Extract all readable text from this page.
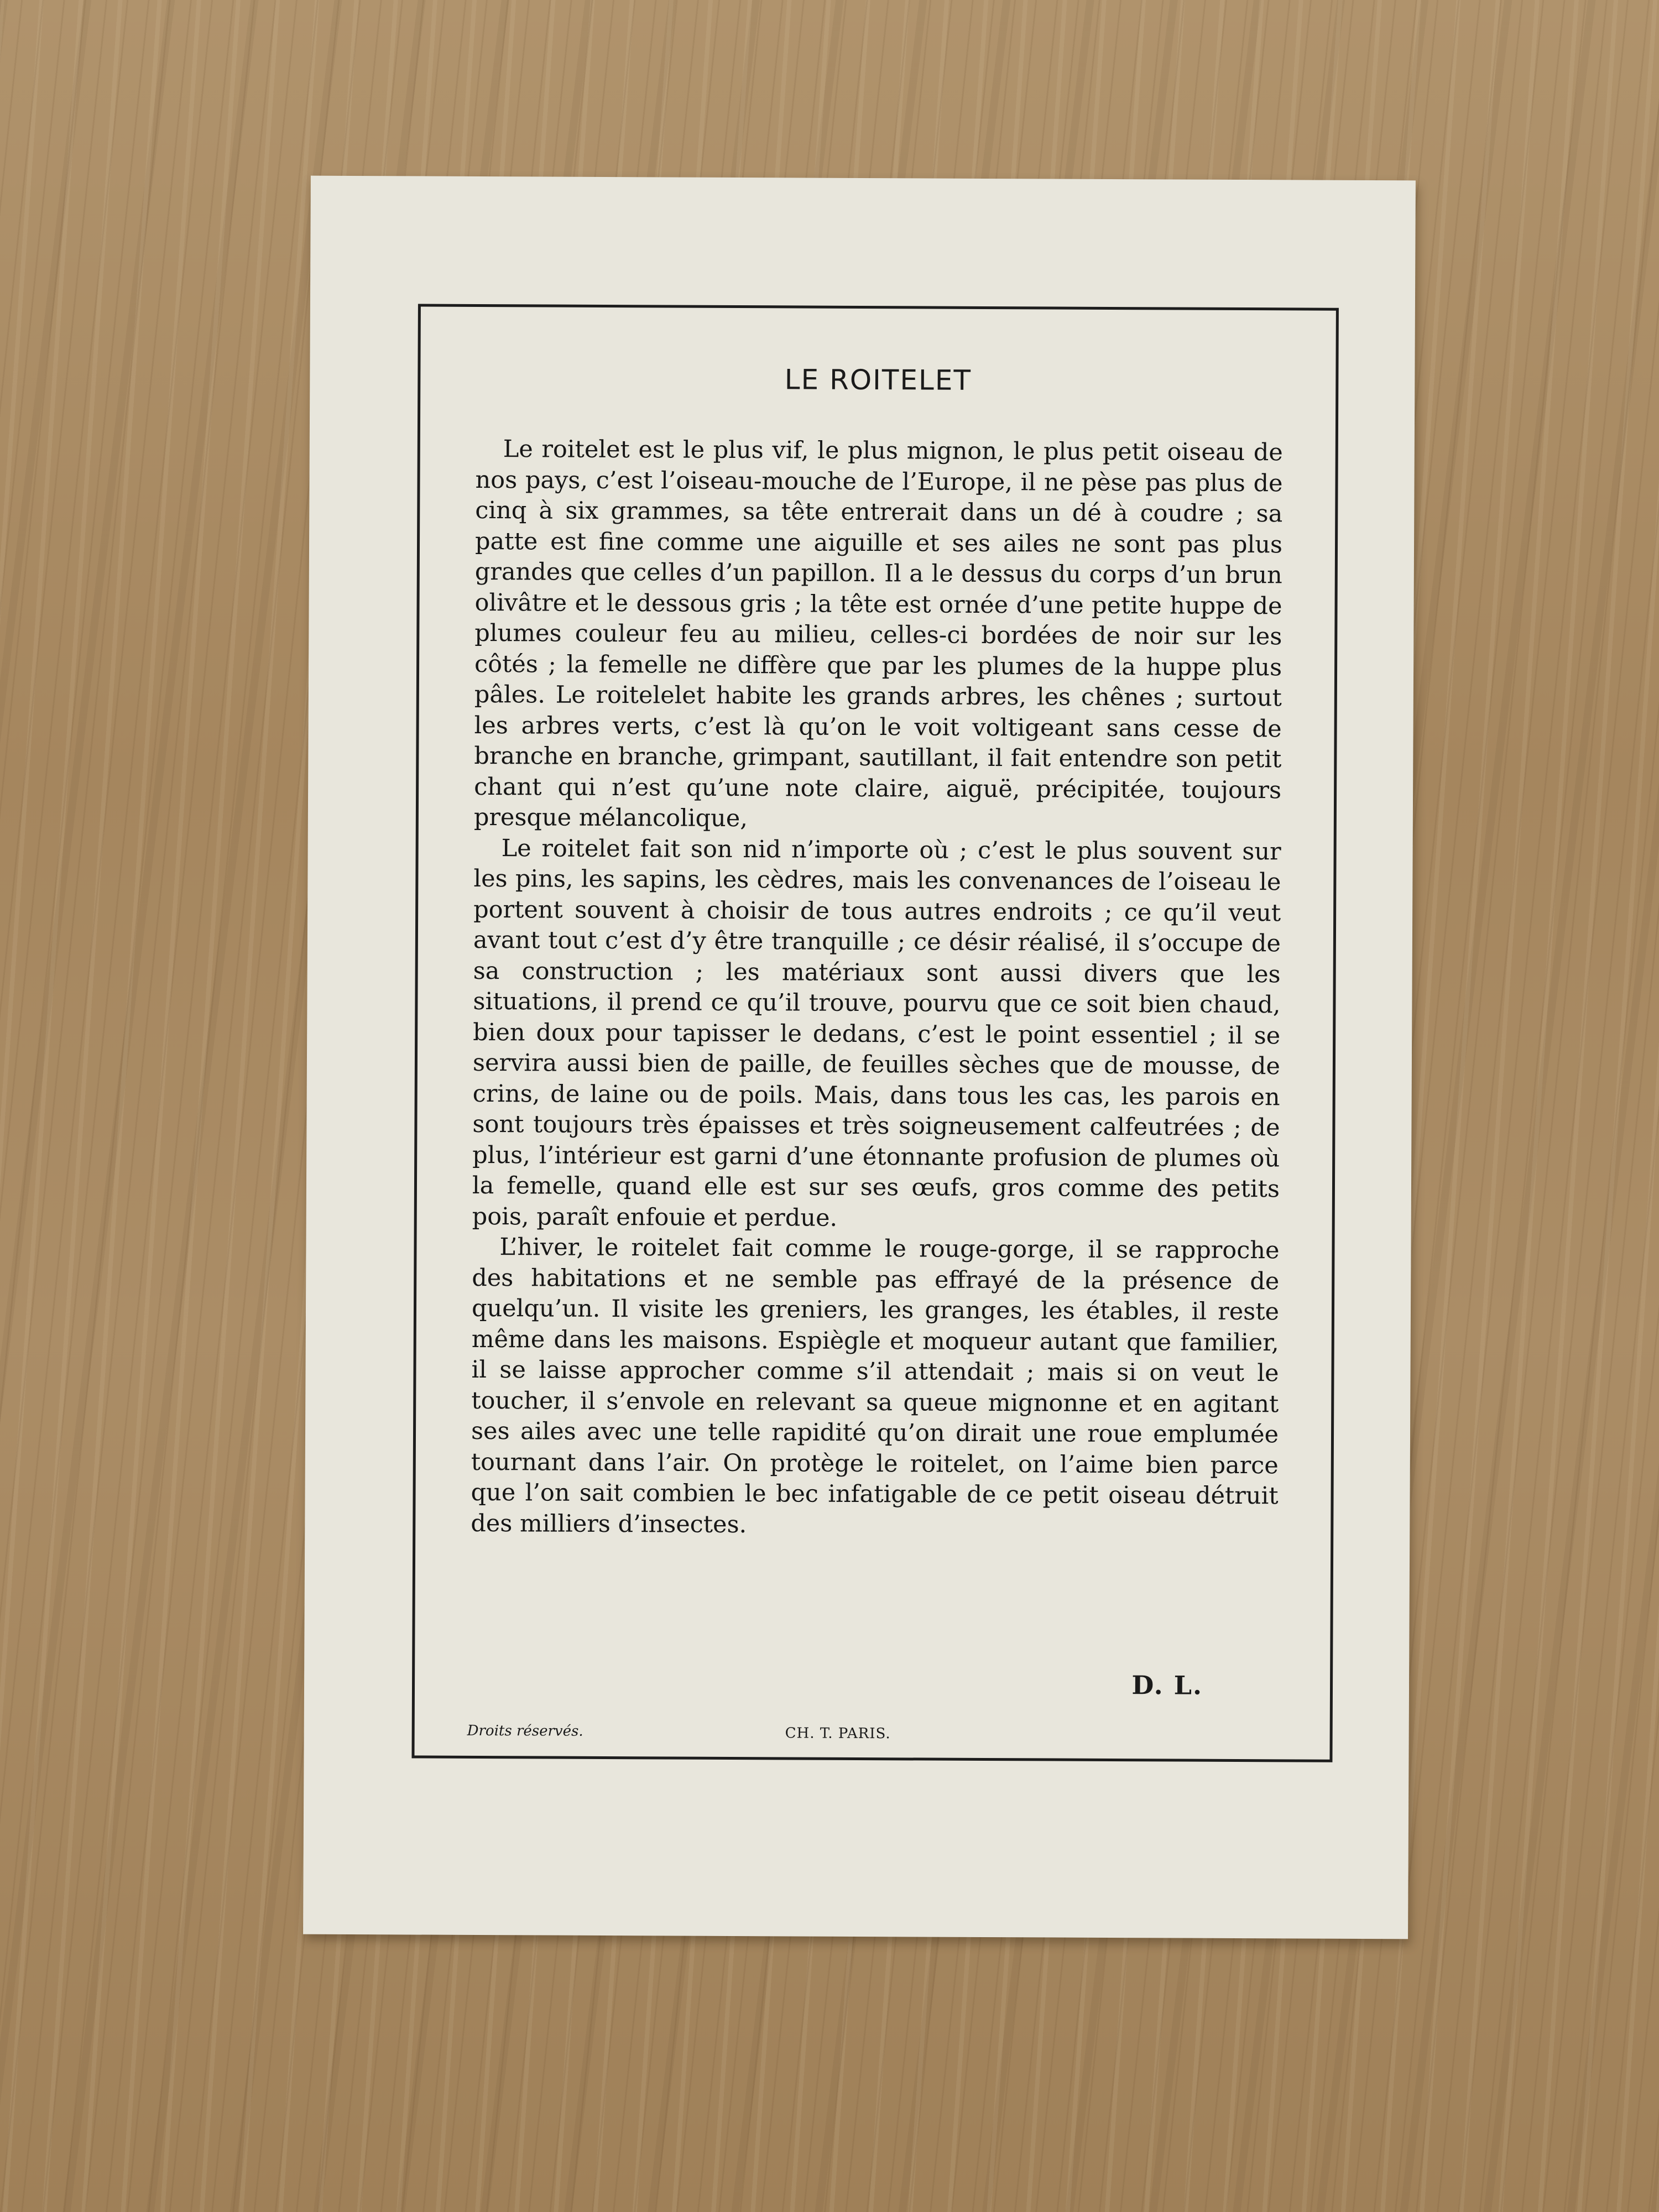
LE ROITELET

Le roitelet est le plus vif, le plus mignon, le plus petit oiseau de nos pays, c’est l’oiseau-mouche de l’Europe, il ne pèse pas plus de cinq à six grammes, sa tête entrerait dans un dé à coudre ; sa patte est fine comme une aiguille et ses ailes ne sont pas plus grandes que celles d’un papillon. Il a le dessus du corps d’un brun olivâtre et le dessous gris ; la tête est ornée d’une petite huppe de plumes couleur feu au milieu, celles-ci bordées de noir sur les côtés ; la femelle ne diffère que par les plumes de la huppe plus pâles. Le roitelelet habite les grands arbres, les chênes ; surtout les arbres verts, c’est là qu’on le voit voltigeant sans cesse de branche en branche, grimpant, sautillant, il fait entendre son petit chant qui n’est qu’une note claire, aiguë, précipitée, toujours presque mélancolique,

Le roitelet fait son nid n’importe où ; c’est le plus souvent sur les pins, les sapins, les cèdres, mais les convenances de l’oiseau le portent souvent à choisir de tous autres endroits ; ce qu’il veut avant tout c’est d’y être tranquille ; ce désir réalisé, il s’occupe de sa construction ; les matériaux sont aussi divers que les situations, il prend ce qu’il trouve, pourvu que ce soit bien chaud, bien doux pour tapisser le dedans, c’est le point essentiel ; il se servira aussi bien de paille, de feuilles sèches que de mousse, de crins, de laine ou de poils. Mais, dans tous les cas, les parois en sont toujours très épaisses et très soigneusement calfeutrées ; de plus, l’intérieur est garni d’une étonnante profusion de plumes où la femelle, quand elle est sur ses œufs, gros comme des petits pois, paraît enfouie et perdue.

L’hiver, le roitelet fait comme le rouge-gorge, il se rapproche des habitations et ne semble pas effrayé de la présence de quelqu’un. Il visite les greniers, les granges, les étables, il reste même dans les maisons. Espiègle et moqueur autant que familier, il se laisse approcher comme s’il attendait ; mais si on veut le toucher, il s’envole en relevant sa queue mignonne et en agitant ses ailes avec une telle rapidité qu’on dirait une roue emplumée tournant dans l’air. On protège le roitelet, on l’aime bien parce que l’on sait combien le bec infatigable de ce petit oiseau détruit des milliers d’insectes.

D. L.
Droits réservés.	CH. T. PARIS.
